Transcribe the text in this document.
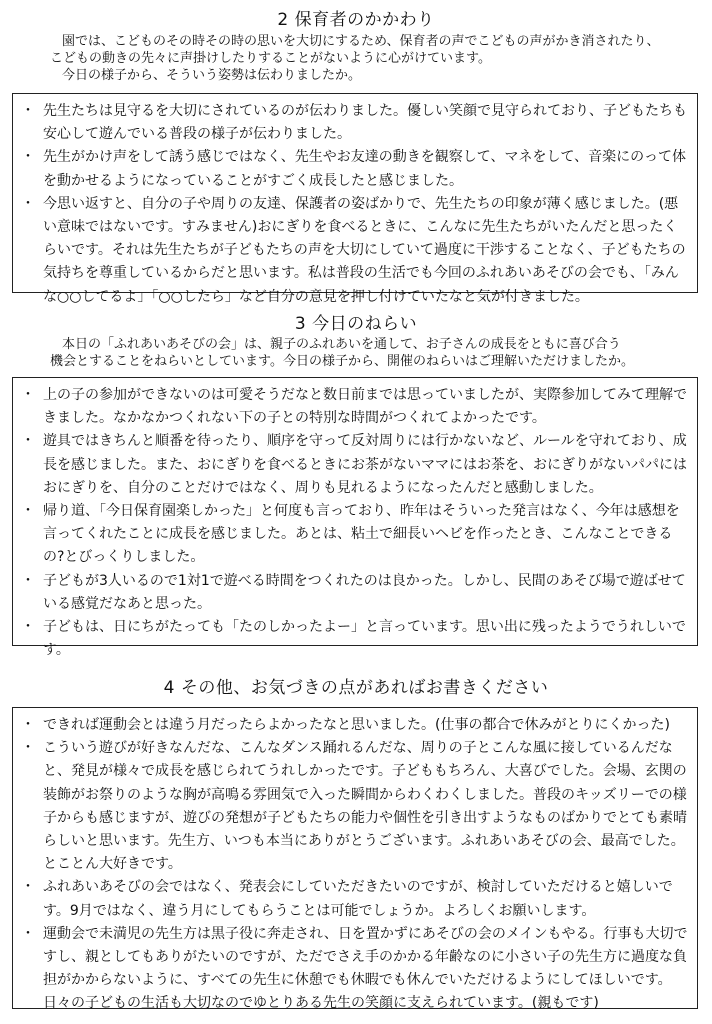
2 保育者のかかわり
園では、こどものその時その時の思いを大切にするため、保育者の声でこどもの声がかき消されたり、
こどもの動きの先々に声掛けしたりすることがないように心がけています。
今日の様子から、そういう姿勢は伝わりましたか。
・ 先生たちは見守るを大切にされているのが伝わりました。優しい笑顔で見守られており、子どもたちも安心して遊んでいる普段の様子が伝わりました。
・ 先生がかけ声をして誘う感じではなく、先生やお友達の動きを観察して、マネをして、音楽にのって体を動かせるようになっていることがすごく成長したと感じました。
・ 今思い返すと、自分の子や周りの友達、保護者の姿ばかりで、先生たちの印象が薄く感じました。(悪い意味ではないです。すみません)おにぎりを食べるときに、こんなに先生たちがいたんだと思ったくらいです。それは先生たちが子どもたちの声を大切にしていて過度に干渉することなく、子どもたちの気持ちを尊重しているからだと思います。私は普段の生活でも今回のふれあいあそびの会でも、「みんな○○してるよ」「○○したら」など自分の意見を押し付けていたなと気が付きました。
3 今日のねらい
本日の「ふれあいあそびの会」は、親子のふれあいを通して、お子さんの成長をともに喜び合う
機会とすることをねらいとしています。今日の様子から、開催のねらいはご理解いただけましたか。
・ 上の子の参加ができないのは可愛そうだなと数日前までは思っていましたが、実際参加してみて理解できました。なかなかつくれない下の子との特別な時間がつくれてよかったです。
・ 遊具ではきちんと順番を待ったり、順序を守って反対周りには行かないなど、ルールを守れており、成長を感じました。また、おにぎりを食べるときにお茶がないママにはお茶を、おにぎりがないパパにはおにぎりを、自分のことだけではなく、周りも見れるようになったんだと感動しました。
・ 帰り道、「今日保育園楽しかった」と何度も言っており、昨年はそういった発言はなく、今年は感想を言ってくれたことに成長を感じました。あとは、粘土で細長いヘビを作ったとき、こんなことできるの?とびっくりしました。
・ 子どもが3人いるので1対1で遊べる時間をつくれたのは良かった。しかし、民間のあそび場で遊ばせている感覚だなあと思った。
・ 子どもは、日にちがたっても「たのしかったよー」と言っています。思い出に残ったようでうれしいです。
4 その他、お気づきの点があればお書きください
・ できれば運動会とは違う月だったらよかったなと思いました。(仕事の都合で休みがとりにくかった)
・ こういう遊びが好きなんだな、こんなダンス踊れるんだな、周りの子とこんな風に接しているんだなと、発見が様々で成長を感じられてうれしかったです。子どももちろん、大喜びでした。会場、玄関の装飾がお祭りのような胸が高鳴る雰囲気で入った瞬間からわくわくしました。普段のキッズリーでの様子からも感じますが、遊びの発想が子どもたちの能力や個性を引き出すようなものばかりでとても素晴らしいと思います。先生方、いつも本当にありがとうございます。ふれあいあそびの会、最高でした。とことん大好きです。
・ ふれあいあそびの会ではなく、発表会にしていただきたいのですが、検討していただけると嬉しいです。9月ではなく、違う月にしてもらうことは可能でしょうか。よろしくお願いします。
・ 運動会で未満児の先生方は黒子役に奔走され、日を置かずにあそびの会のメインもやる。行事も大切ですし、親としてもありがたいのですが、ただでさえ手のかかる年齢なのに小さい子の先生方に過度な負担がかからないように、すべての先生に休憩でも休暇でも休んでいただけるようにしてほしいです。日々の子どもの生活も大切なのでゆとりある先生の笑顔に支えられています。(親もです)
